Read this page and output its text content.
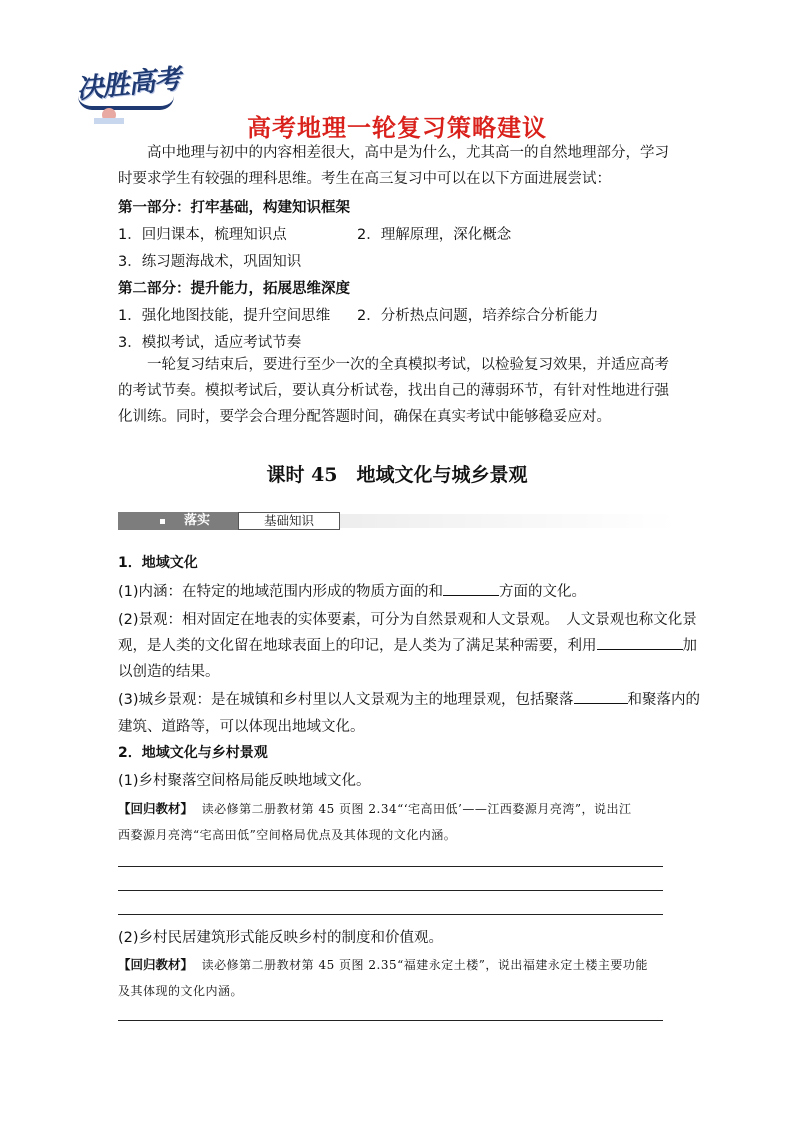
决胜高考
高考地理一轮复习策略建议
高中地理与初中的内容相差很大，高中是为什么，尤其高一的自然地理部分，学习时要求学生有较强的理科思维。考生在高三复习中可以在以下方面进展尝试：
第一部分：打牢基础，构建知识框架
1．回归课本，梳理知识点	2．理解原理，深化概念
3．练习题海战术，巩固知识
第二部分：提升能力，拓展思维深度
1．强化地图技能，提升空间思维 2．分析热点问题，培养综合分析能力
3．模拟考试，适应考试节奏
一轮复习结束后，要进行至少一次的全真模拟考试，以检验复习效果，并适应高考的考试节奏。模拟考试后，要认真分析试卷，找出自己的薄弱环节，有针对性地进行强化训练。同时，要学会合理分配答题时间，确保在真实考试中能够稳妥应对。
课时 45　地域文化与城乡景观
落实	基础知识
1．地域文化
(1)内涵：在特定的地域范围内形成的物质方面的和	方面的文化。
(2)景观：相对固定在地表的实体要素，可分为自然景观和人文景观。　人文景观也称文化景
观，是人类的文化留在地球表面上的印记，是人类为了满足某种需要，利用	加
以创造的结果。
(3)城乡景观：是在城镇和乡村里以人文景观为主的地理景观，包括聚落	和聚落内的
建筑、道路等，可以体现出地域文化。
2．地域文化与乡村景观
(1)乡村聚落空间格局能反映地域文化。
【回归教材】 读必修第二册教材第 45 页图 2.34“‘宅高田低’——江西婺源月亮湾”，说出江
西婺源月亮湾“宅高田低”空间格局优点及其体现的文化内涵。
(2)乡村民居建筑形式能反映乡村的制度和价值观。
【回归教材】 读必修第二册教材第 45 页图 2.35“福建永定土楼”，说出福建永定土楼主要功能
及其体现的文化内涵。
